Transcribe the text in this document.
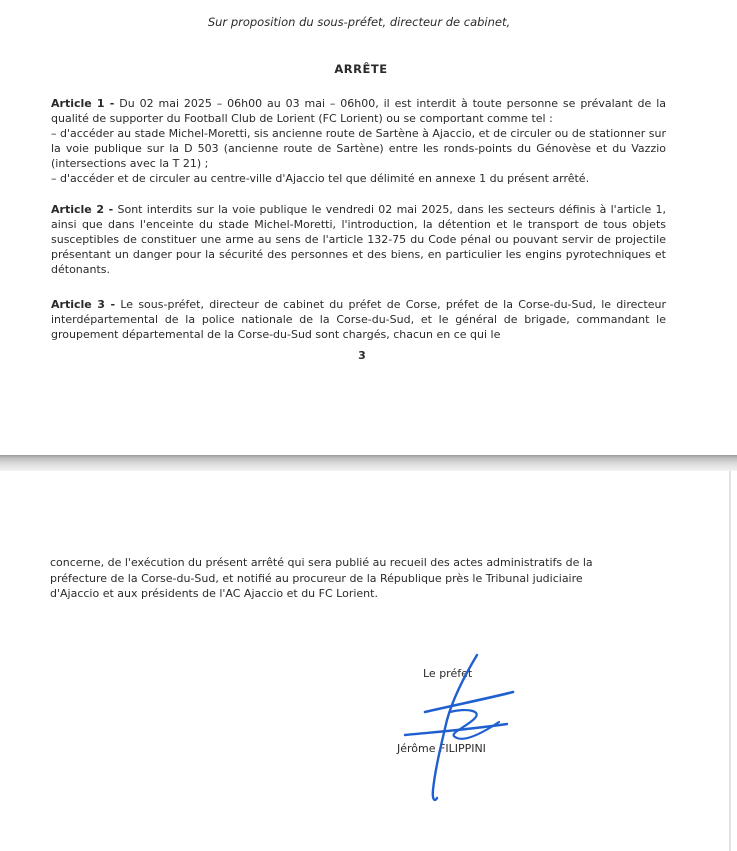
Sur proposition du sous-préfet, directeur de cabinet,
ARRÊTE

Article 1 - Du 02 mai 2025 – 06h00 au 03 mai – 06h00, il est interdit à toute personne se prévalant de la qualité de supporter du Football Club de Lorient (FC Lorient) ou se comportant comme tel :

– d'accéder au stade Michel-Moretti, sis ancienne route de Sartène à Ajaccio, et de circuler ou de stationner sur la voie publique sur la D 503 (ancienne route de Sartène) entre les ronds-points du Génovèse et du Vazzio (intersections avec la T 21) ;

– d'accéder et de circuler au centre-ville d'Ajaccio tel que délimité en annexe 1 du présent arrêté.

Article 2 - Sont interdits sur la voie publique le vendredi 02 mai 2025, dans les secteurs définis à l'article 1, ainsi que dans l'enceinte du stade Michel-Moretti, l'introduction, la détention et le transport de tous objets susceptibles de constituer une arme au sens de l'article 132-75 du Code pénal ou pouvant servir de projectile présentant un danger pour la sécurité des personnes et des biens, en particulier les engins pyrotechniques et détonants.

Article 3 - Le sous-préfet, directeur de cabinet du préfet de Corse, préfet de la Corse-du-Sud, le directeur interdépartemental de la police nationale de la Corse-du-Sud, et le général de brigade, commandant le groupement départemental de la Corse-du-Sud sont chargés, chacun en ce qui le

3
concerne, de l'exécution du présent arrêté qui sera publié au recueil des actes administratifs de la
préfecture de la Corse-du-Sud, et notifié au procureur de la République près le Tribunal judiciaire
d'Ajaccio et aux présidents de l'AC Ajaccio et du FC Lorient.
Le préfet
Jérôme FILIPPINI
